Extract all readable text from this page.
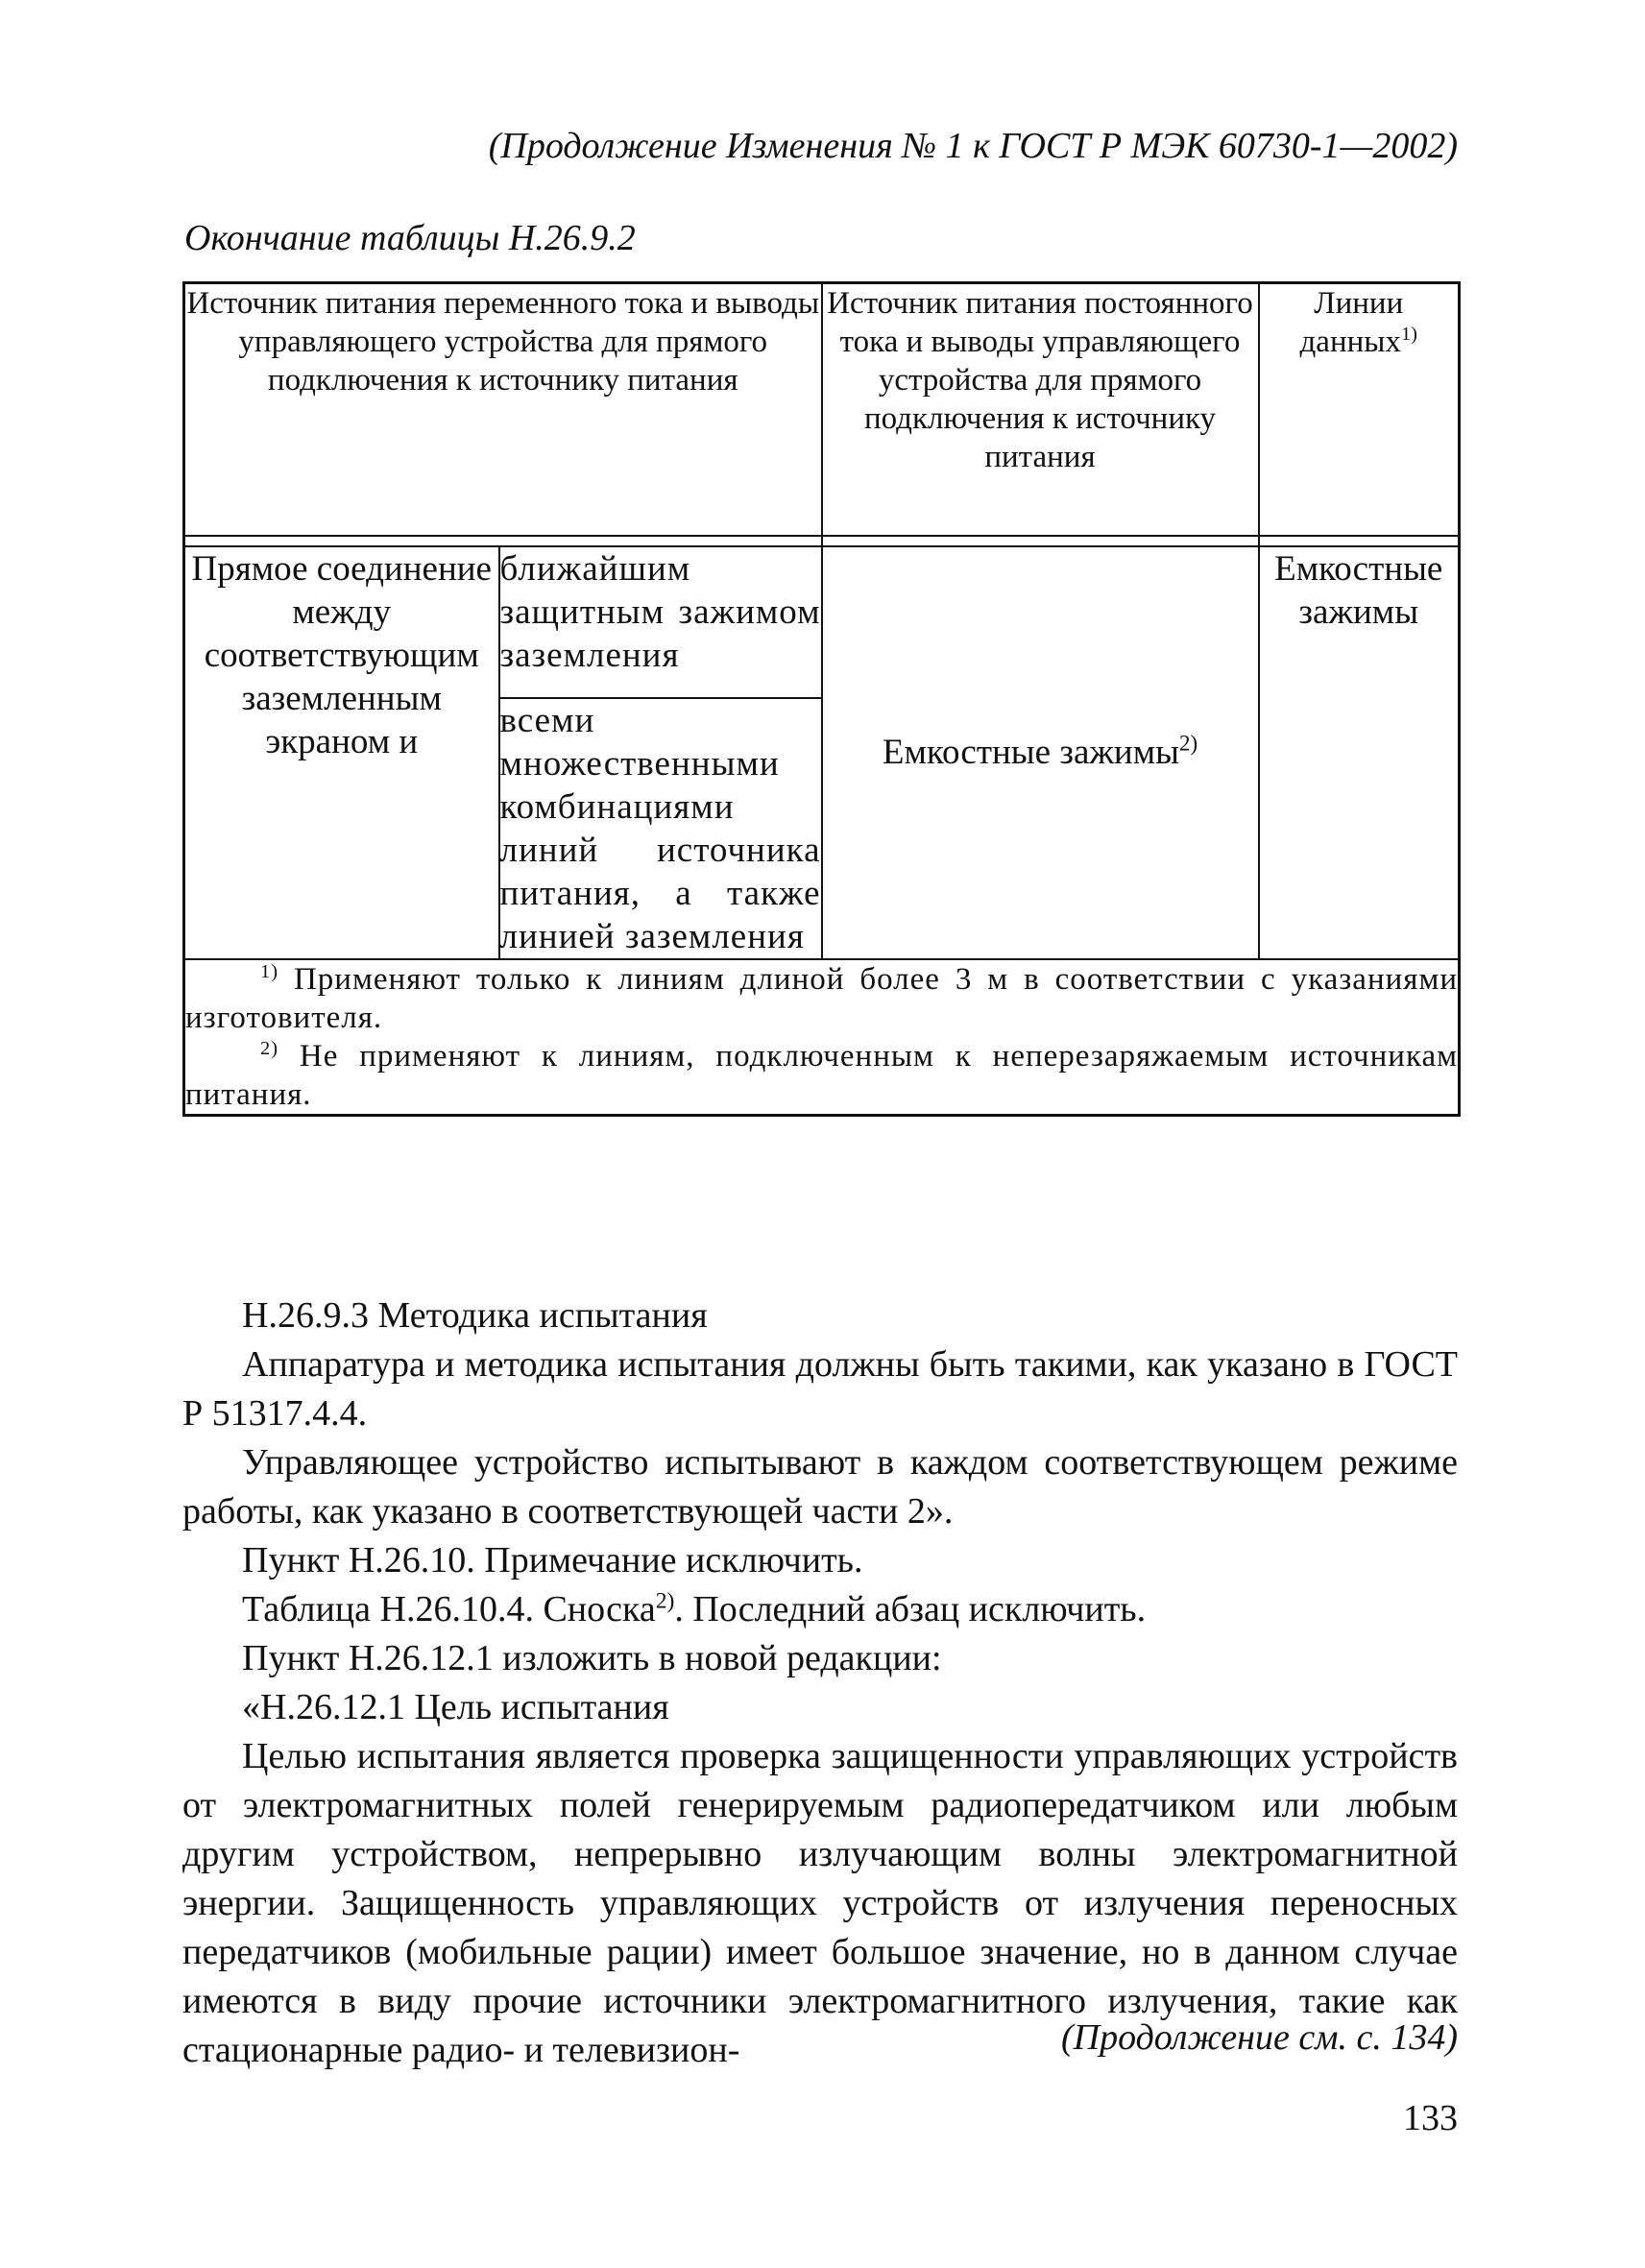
(Продолжение Изменения № 1 к ГОСТ Р МЭК 60730-1—2002)
Окончание таблицы Н.26.9.2
Источник питания переменного тока и выводы управляющего устройства для прямого подключения к источнику питания		Источник питания постоянного тока и выводы управляющего устройства для прямого подключения к источнику питания	Линии данных$^{1)}$

Прямое соединение между соответствующим заземленным экраном и	ближайшим защитным зажимом заземления	Емкостные зажимы$^{2)}$	Емкостные зажимы
	всеми множественными комбинациями линий источника питания, а также линией заземления		

$^{1)}$ Применяют только к линиям длиной более 3 м в соответствии с указаниями изготовителя.

$^{2)}$ Не применяют к линиям, подключенным к неперезаряжаемым источникам питания.			

Н.26.9.3 Методика испытания

Аппаратура и методика испытания должны быть такими, как указано в ГОСТ Р 51317.4.4.

Управляющее устройство испытывают в каждом соответствующем режиме работы, как указано в соответствующей части 2».

Пункт Н.26.10. Примечание исключить.

Таблица Н.26.10.4. Сноска$^{2)}$. Последний абзац исключить.

Пункт Н.26.12.1 изложить в новой редакции:

«Н.26.12.1 Цель испытания

Целью испытания является проверка защищенности управляющих устройств от электромагнитных полей генерируемым радиопередатчиком или любым другим устройством, непрерывно излучающим волны электромагнитной энергии. Защищенность управляющих устройств от излучения переносных передатчиков (мобильные рации) имеет большое значение, но в данном случае имеются в виду прочие источники электромагнитного излучения, такие как стационарные радио- и телевизион-	(Продолжение см. с. 134)
133
